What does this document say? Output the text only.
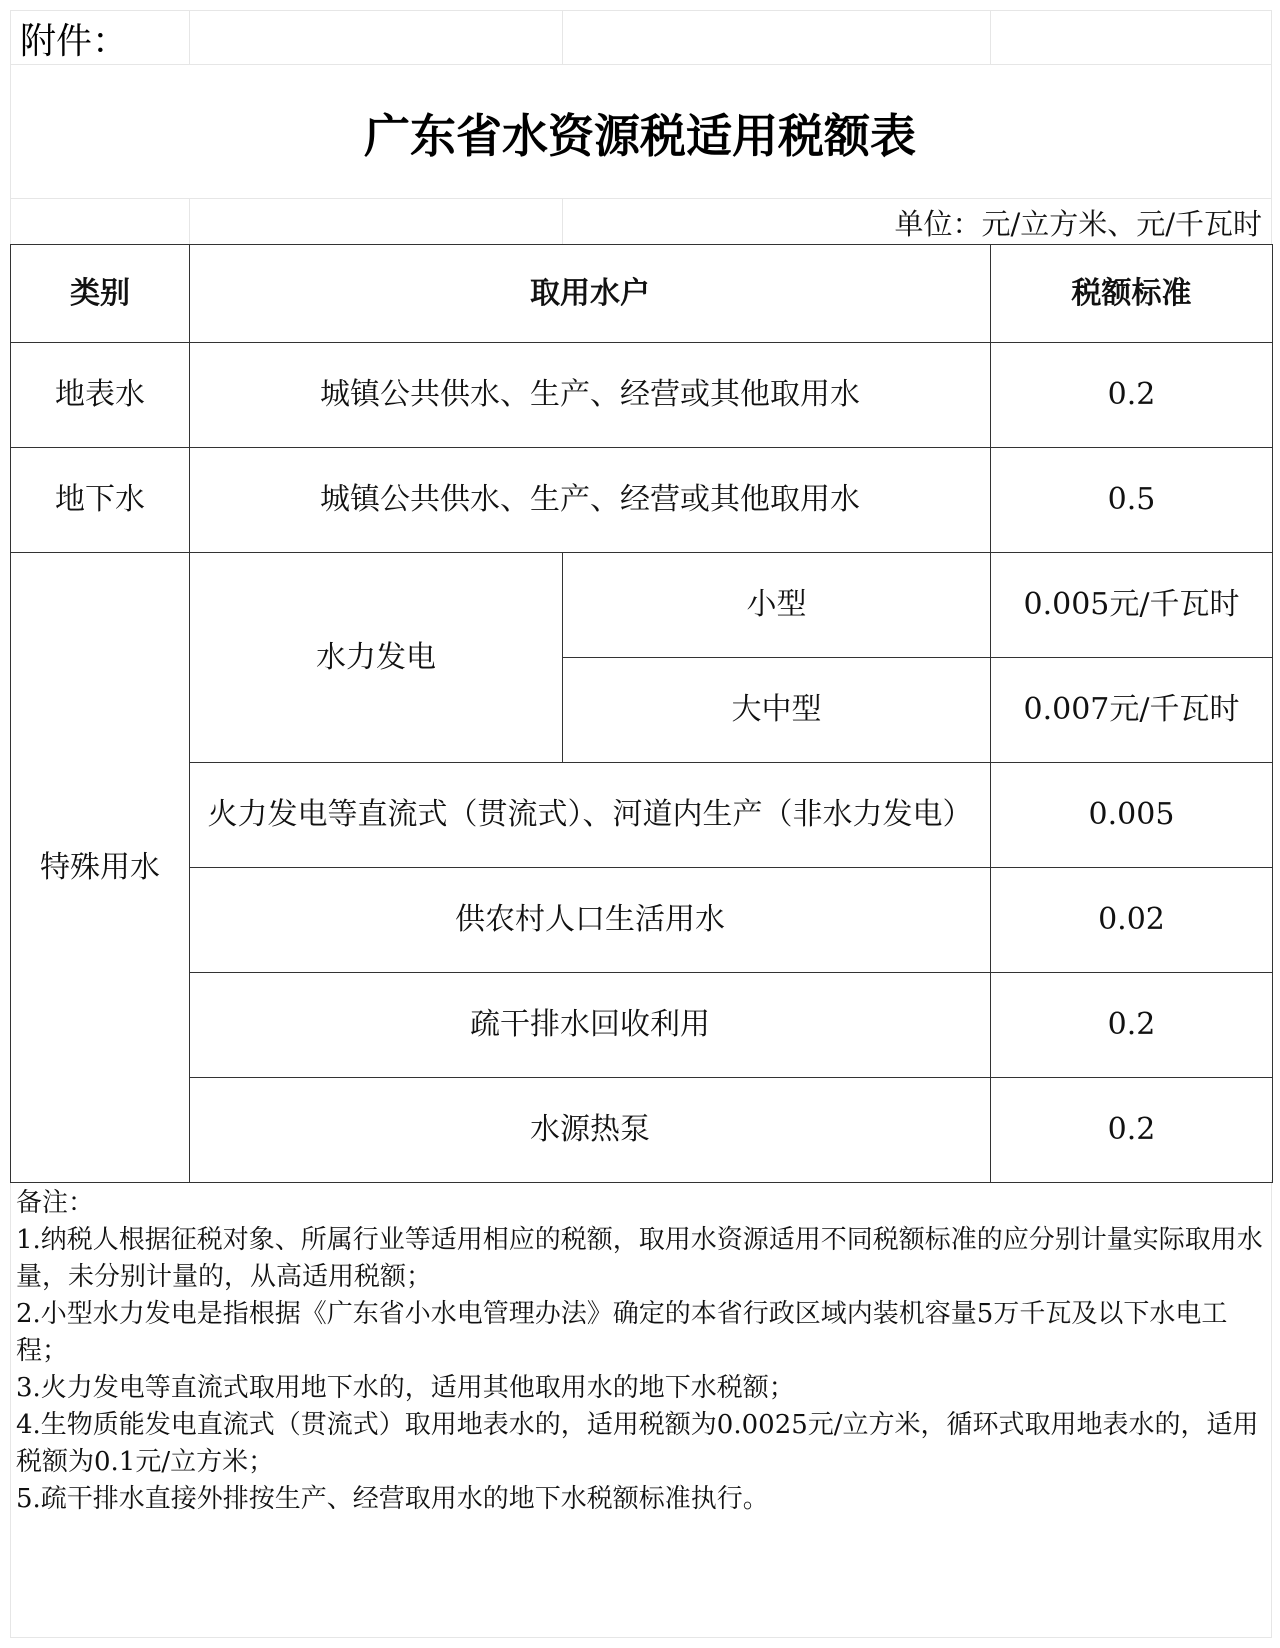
附件：
广东省水资源税适用税额表
单位：元/立方米、元/千瓦时
类别	取用水户		税额标准
地表水	城镇公共供水、生产、经营或其他取用水		0.2
地下水	城镇公共供水、生产、经营或其他取用水		0.5
特殊用水	水力发电	小型	0.005元/千瓦时
		大中型	0.007元/千瓦时
	火力发电等直流式（贯流式）、河道内生产（非水力发电）		0.005
	供农村人口生活用水		0.02
	疏干排水回收利用		0.2
	水源热泵		0.2

备注：

1.纳税人根据征税对象、所属行业等适用相应的税额，取用水资源适用不同税额标准的应分别计量实际取用水量，未分别计量的，从高适用税额；

2.小型水力发电是指根据《广东省小水电管理办法》确定的本省行政区域内装机容量5万千瓦及以下水电工程；

3.火力发电等直流式取用地下水的，适用其他取用水的地下水税额；

4.生物质能发电直流式（贯流式）取用地表水的，适用税额为0.0025元/立方米，循环式取用地表水的，适用税额为0.1元/立方米；

5.疏干排水直接外排按生产、经营取用水的地下水税额标准执行。
